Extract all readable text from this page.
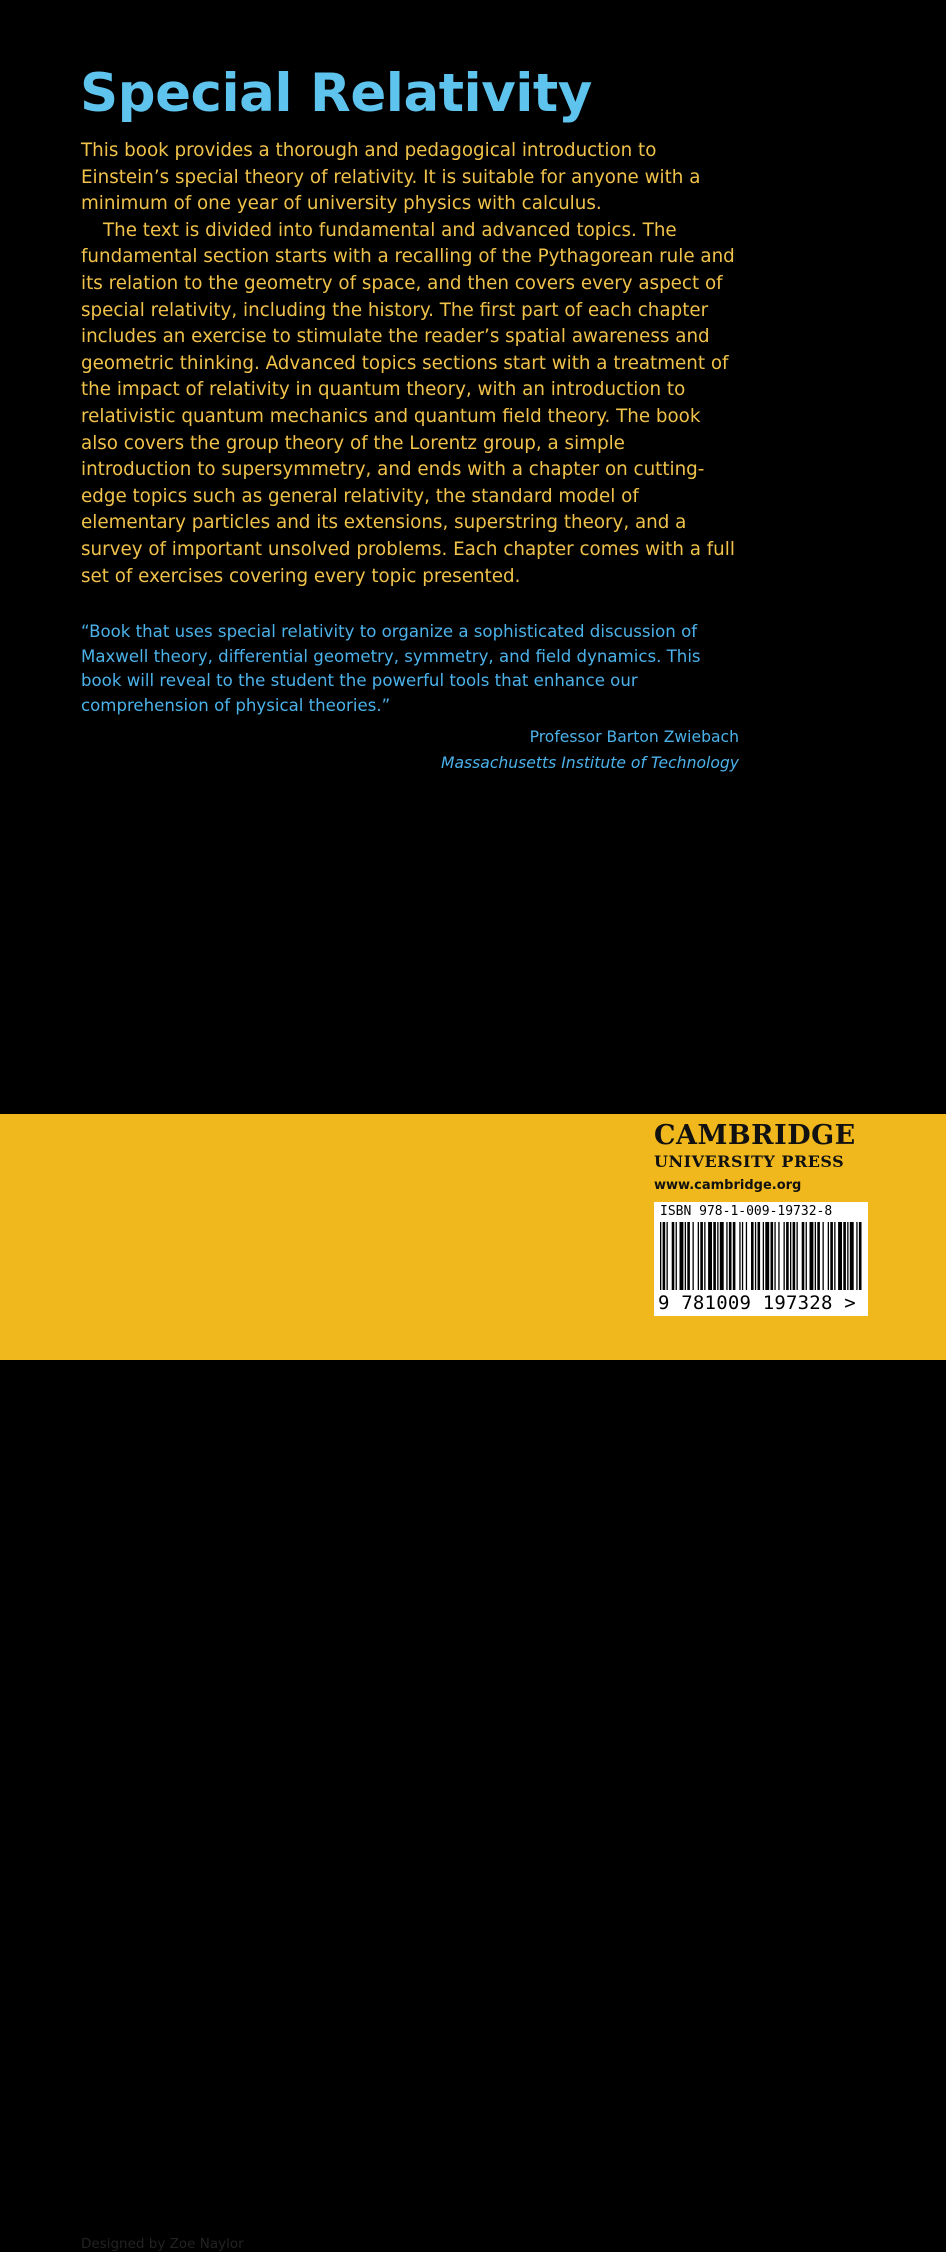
Special Relativity

This book provides a thorough and pedagogical introduction to Einstein’s special theory of relativity. It is suitable for anyone with a minimum of one year of university physics with calculus.

The text is divided into fundamental and advanced topics. The fundamental section starts with a recalling of the Pythagorean rule and its relation to the geometry of space, and then covers every aspect of special relativity, including the history. The first part of each chapter includes an exercise to stimulate the reader’s spatial awareness and geometric thinking. Advanced topics sections start with a treatment of the impact of relativity in quantum theory, with an introduction to relativistic quantum mechanics and quantum field theory. The book also covers the group theory of the Lorentz group, a simple introduction to supersymmetry, and ends with a chapter on cutting-edge topics such as general relativity, the standard model of elementary particles and its extensions, superstring theory, and a survey of important unsolved problems. Each chapter comes with a full set of exercises covering every topic presented.

“Book that uses special relativity to organize a sophisticated discussion of Maxwell theory, differential geometry, symmetry, and field dynamics. This book will reveal to the student the powerful tools that enhance our comprehension of physical theories.”
Professor Barton Zwiebach
Massachusetts Institute of Technology
Designed by Zoe Naylor
CAMBRIDGE
UNIVERSITY PRESS
www.cambridge.org
ISBN 978-1-009-19732-8
9 781009 197328 >
